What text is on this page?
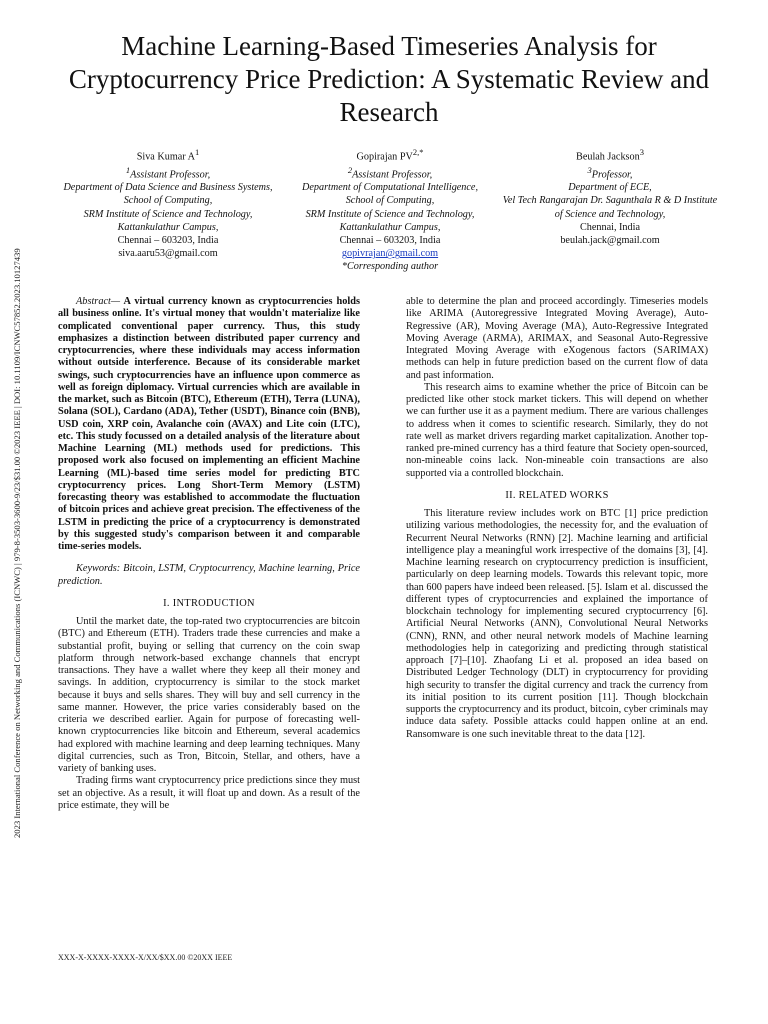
2023 International Conference on Networking and Communications (ICNWC) | 979-8-3503-3600-9/23/$31.00 ©2023 IEEE | DOI: 10.1109/ICNWC57852.2023.10127439
Machine Learning-Based Timeseries Analysis for Cryptocurrency Price Prediction: A Systematic Review and Research
Siva Kumar $A^1$
$^1$Assistant Professor,
Department of Data Science and Business Systems,
School of Computing,
SRM Institute of Science and Technology, Kattankulathur Campus,
Chennai – 603203, India
siva.aaru53@gmail.com
Gopirajan $PV^{2,*}$
$^2$Assistant Professor,
Department of Computational Intelligence,
School of Computing,
SRM Institute of Science and Technology, Kattankulathur Campus,
Chennai – 603203, India
gopivrajan@gmail.com
*Corresponding author
Beulah Jackson$^3$
$^3$Professor,
Department of ECE,
Vel Tech Rangarajan Dr. Sagunthala R & D Institute of Science and Technology,
Chennai, India
beulah.jack@gmail.com

Abstract— A virtual currency known as cryptocurrencies holds all business online. It's virtual money that wouldn't materialize like complicated conventional paper currency. Thus, this study emphasizes a distinction between distributed paper currency and cryptocurrencies, where these individuals may access information without outside interference. Because of its considerable market swings, such cryptocurrencies have an influence upon commerce as well as foreign diplomacy. Virtual currencies which are available in the market, such as Bitcoin (BTC), Ethereum (ETH), Terra (LUNA), Solana (SOL), Cardano (ADA), Tether (USDT), Binance coin (BNB), USD coin, XRP coin, Avalanche coin (AVAX) and Lite coin (LTC), etc. This study focussed on a detailed analysis of the literature about Machine Learning (ML) methods used for predictions. This proposed work also focused on implementing an efficient Machine Learning (ML)-based time series model for predicting BTC cryptocurrency prices. Long Short-Term Memory (LSTM) forecasting theory was established to accommodate the fluctuation of bitcoin prices and achieve great precision. The effectiveness of the LSTM in predicting the price of a cryptocurrency is demonstrated by this suggested study's comparison between it and comparable time-series models.

Keywords: Bitcoin, LSTM, Cryptocurrency, Machine learning, Price prediction.

I. INTRODUCTION

Until the market date, the top-rated two cryptocurrencies are bitcoin (BTC) and Ethereum (ETH). Traders trade these currencies and make a substantial profit, buying or selling that currency on the coin swap platform through network-based exchange channels that encrypt transactions. They have a wallet where they keep all their money and savings. In addition, cryptocurrency is similar to the stock market because it buys and sells shares. They will buy and sell currency in the same manner. However, the price varies considerably based on the criteria we described earlier. Again for purpose of forecasting well-known cryptocurrencies like bitcoin and Ethereum, several academics had explored with machine learning and deep learning techniques. Many digital currencies, such as Tron, Bitcoin, Stellar, and others, have a variety of banking uses.

Trading firms want cryptocurrency price predictions since they must set an objective. As a result, it will float up and down. As a result of the price estimate, they will be

able to determine the plan and proceed accordingly. Timeseries models like ARIMA (Autoregressive Integrated Moving Average), Auto-Regressive (AR), Moving Average (MA), Auto-Regressive Integrated Moving Average (ARMA), ARIMAX, and Seasonal Auto-Regressive Integrated Moving Average with eXogenous factors (SARIMAX) methods can help in future prediction based on the current flow of data and past information.

This research aims to examine whether the price of Bitcoin can be predicted like other stock market tickers. This will depend on whether we can further use it as a payment medium. There are various challenges to address when it comes to scientific research. Similarly, they do not rate well as market drivers regarding market capitalization. Another top-ranked pre-mined currency has a third feature that Society open-sourced, non-mineable coins lack. Non-mineable coin transactions are also supported via a controlled blockchain.

II. RELATED WORKS

This literature review includes work on BTC [1] price prediction utilizing various methodologies, the necessity for, and the evaluation of Recurrent Neural Networks (RNN) [2]. Machine learning and artificial intelligence play a meaningful work irrespective of the domains [3], [4]. Machine learning research on cryptocurrency prediction is insufficient, particularly on deep learning models. Towards this relevant topic, more than 600 papers have indeed been released. [5]. Islam et al. discussed the different types of cryptocurrencies and explained the importance of blockchain technology for implementing secured cryptocurrency [6]. Artificial Neural Networks (ANN), Convolutional Neural Networks (CNN), RNN, and other neural network models of Machine learning methodologies help in categorizing and predicting through statistical approach [7]–[10]. Zhaofang Li et al. proposed an idea based on Distributed Ledger Technology (DLT) in cryptocurrency for providing high security to transfer the digital currency and track the currency from its initial position to its current position [11]. Though blockchain supports the cryptocurrency and its product, bitcoin, cyber criminals may induce data safety. Possible attacks could happen online at an end. Ransomware is one such inevitable threat to the data [12].

XXX-X-XXXX-XXXX-X/XX/$XX.00 ©20XX IEEE
